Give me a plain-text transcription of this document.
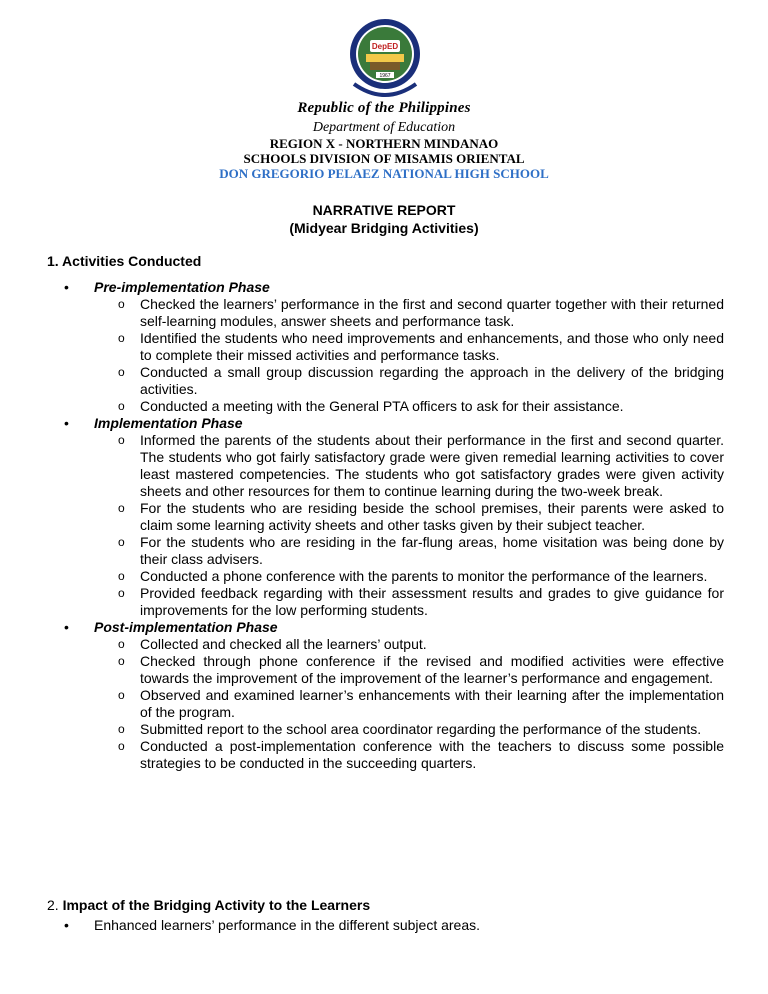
DepED
1967
Republic of the Philippines
Department of Education
REGION X - NORTHERN MINDANAO
SCHOOLS DIVISION OF MISAMIS ORIENTAL
DON GREGORIO PELAEZ NATIONAL HIGH SCHOOL
NARRATIVE REPORT
(Midyear Bridging Activities)
1. Activities Conducted
• Pre-implementation Phase
o Checked the learners’ performance in the first and second quarter together with their returned self-learning modules, answer sheets and performance task.
o Identified the students who need improvements and enhancements, and those who only need to complete their missed activities and performance tasks.
o Conducted a small group discussion regarding the approach in the delivery of the bridging activities.
o Conducted a meeting with the General PTA officers to ask for their assistance.
• Implementation Phase
o Informed the parents of the students about their performance in the first and second quarter. The students who got fairly satisfactory grade were given remedial learning activities to cover least mastered competencies. The students who got satisfactory grades were given activity sheets and other resources for them to continue learning during the two-week break.
o For the students who are residing beside the school premises, their parents were asked to claim some learning activity sheets and other tasks given by their subject teacher.
o For the students who are residing in the far-flung areas, home visitation was being done by their class advisers.
o Conducted a phone conference with the parents to monitor the performance of the learners.
o Provided feedback regarding with their assessment results and grades to give guidance for improvements for the low performing students.
• Post-implementation Phase
o Collected and checked all the learners’ output.
o Checked through phone conference if the revised and modified activities were effective towards the improvement of the improvement of the learner’s performance and engagement.
o Observed and examined learner’s enhancements with their learning after the implementation of the program.
o Submitted report to the school area coordinator regarding the performance of the students.
o Conducted a post-implementation conference with the teachers to discuss some possible strategies to be conducted in the succeeding quarters.
2. Impact of the Bridging Activity to the Learners
• Enhanced learners’ performance in the different subject areas.
